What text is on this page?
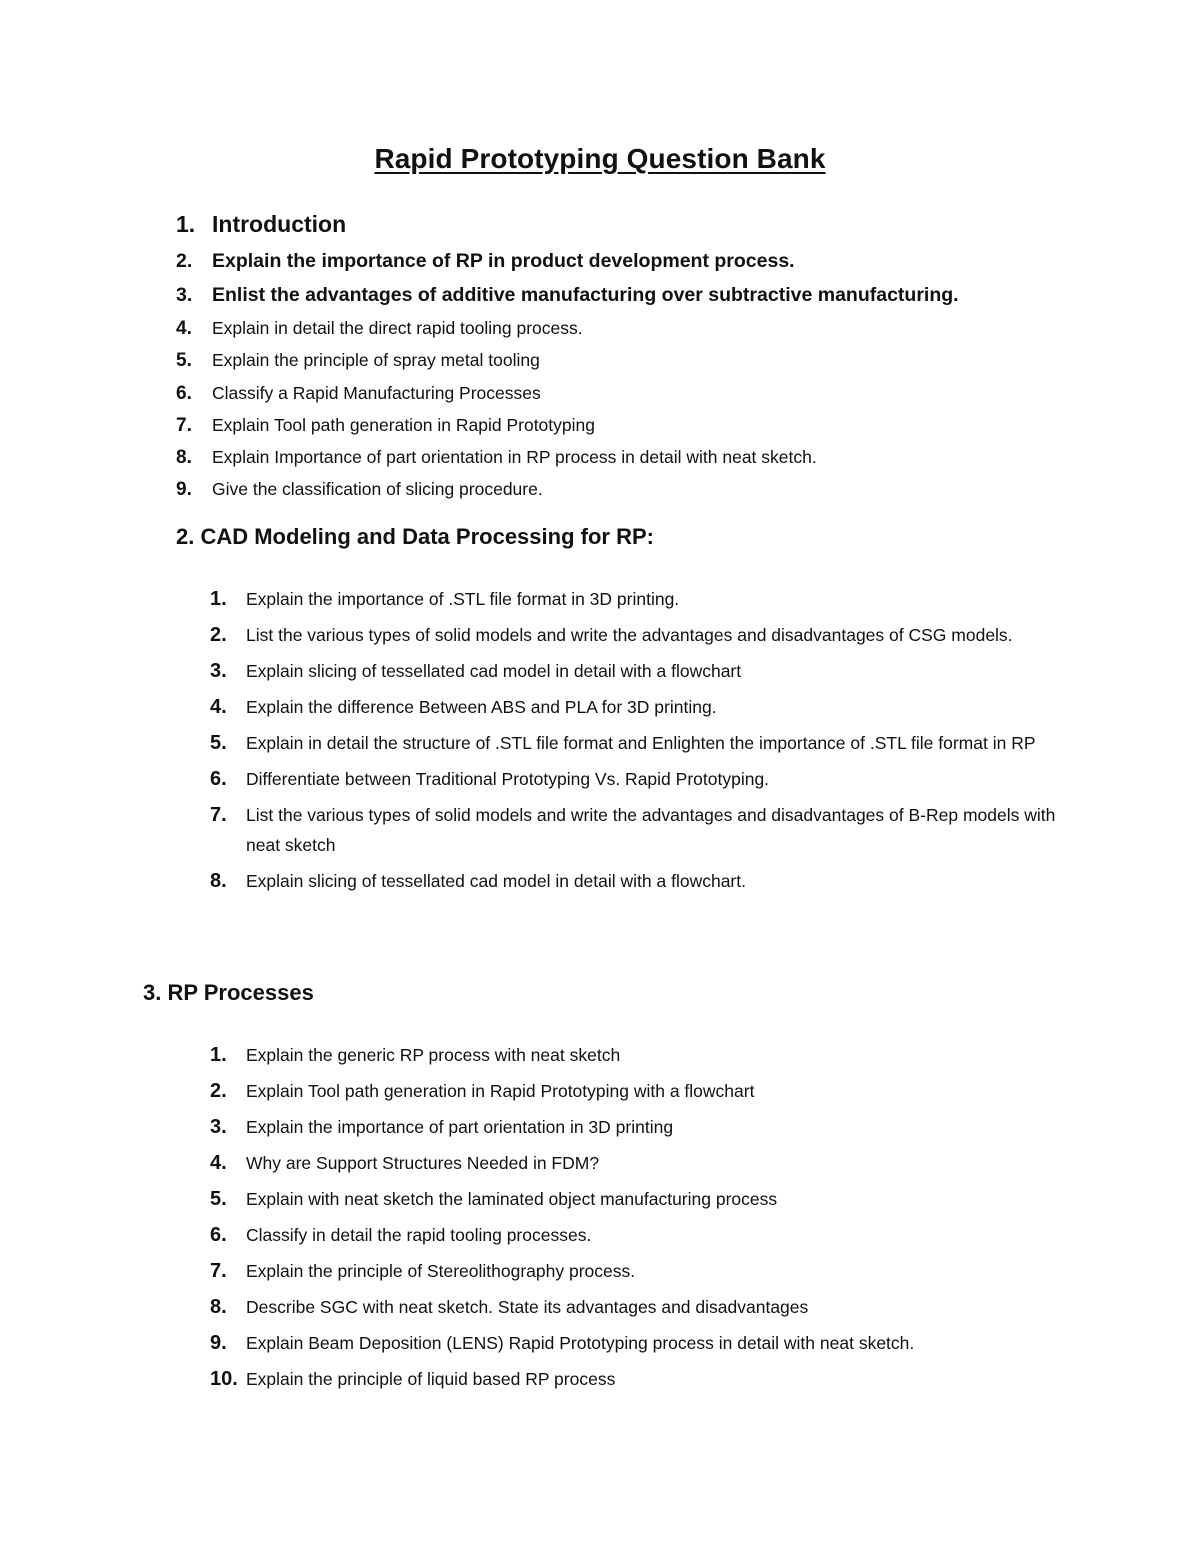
Rapid Prototyping Question Bank
1. Introduction
2.	Explain the importance of RP in product development process.
3.	Enlist the advantages of additive manufacturing over subtractive manufacturing.
4.	Explain in detail the direct rapid tooling process.
5.	Explain the principle of spray metal tooling
6.	Classify a Rapid Manufacturing Processes
7.	Explain Tool path generation in Rapid Prototyping
8.	Explain Importance of part orientation in RP process in detail with neat sketch.
9.	Give the classification of slicing procedure.
2. CAD Modeling and Data Processing for RP:
1.	Explain the importance of .STL file format in 3D printing.
2.	List the various types of solid models and write the advantages and disadvantages of CSG models.
3.	Explain slicing of tessellated cad model in detail with a flowchart
4.	Explain the difference Between ABS and PLA for 3D printing.
5.	Explain in detail the structure of .STL file format and Enlighten the importance of .STL file format in RP
6.	Differentiate between Traditional Prototyping Vs. Rapid Prototyping.
7.	List the various types of solid models and write the advantages and disadvantages of B-Rep models with neat sketch
8.	Explain slicing of tessellated cad model in detail with a flowchart.
3. RP Processes
1.	Explain the generic RP process with neat sketch
2.	Explain Tool path generation in Rapid Prototyping with a flowchart
3.	Explain the importance of part orientation in 3D printing
4.	Why are Support Structures Needed in FDM?
5.	Explain with neat sketch the laminated object manufacturing process
6.	Classify in detail the rapid tooling processes.
7.	Explain the principle of Stereolithography process.
8.	Describe SGC with neat sketch. State its advantages and disadvantages
9.	Explain Beam Deposition (LENS) Rapid Prototyping process in detail with neat sketch.
10. Explain the principle of liquid based RP process
